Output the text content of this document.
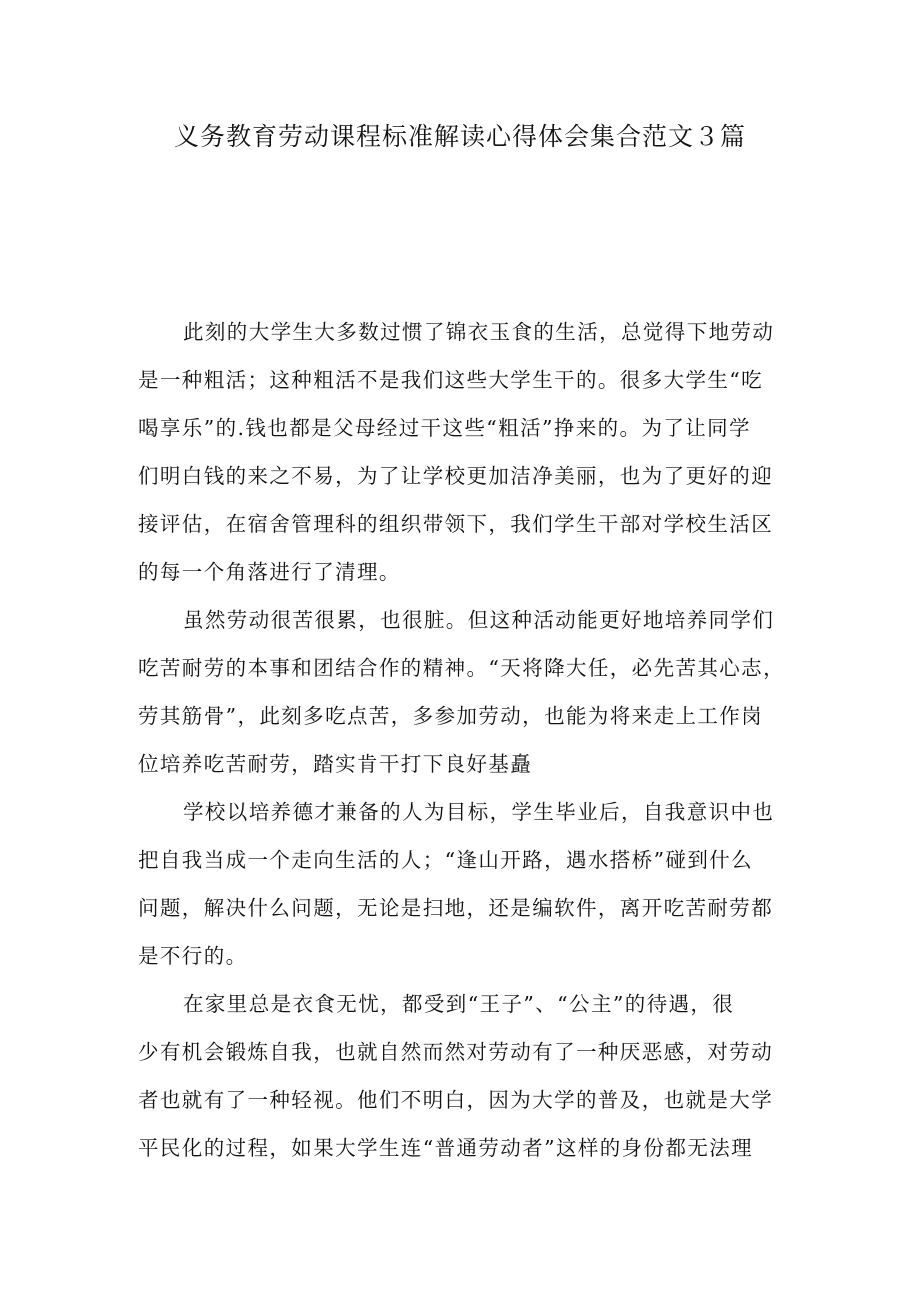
义务教育劳动课程标准解读心得体会集合范文３篇
此刻的大学生大多数过惯了锦衣玉食的生活，总觉得下地劳动
是一种粗活；这种粗活不是我们这些大学生干的。很多大学生“吃
喝享乐”的.钱也都是父母经过干这些“粗活”挣来的。为了让同学
们明白钱的来之不易，为了让学校更加洁净美丽，也为了更好的迎
接评估，在宿舍管理科的组织带领下，我们学生干部对学校生活区
的每一个角落进行了清理。
虽然劳动很苦很累，也很脏。但这种活动能更好地培养同学们
吃苦耐劳的本事和团结合作的精神。“天将降大任，必先苦其心志，
劳其筋骨”，此刻多吃点苦，多参加劳动，也能为将来走上工作岗
位培养吃苦耐劳，踏实肯干打下良好基矗
学校以培养德才兼备的人为目标，学生毕业后，自我意识中也
把自我当成一个走向生活的人；“逢山开路，遇水搭桥”碰到什么
问题，解决什么问题，无论是扫地，还是编软件，离开吃苦耐劳都
是不行的。
在家里总是衣食无忧，都受到“王子”、“公主”的待遇，很
少有机会锻炼自我，也就自然而然对劳动有了一种厌恶感，对劳动
者也就有了一种轻视。他们不明白，因为大学的普及，也就是大学
平民化的过程，如果大学生连“普通劳动者”这样的身份都无法理
